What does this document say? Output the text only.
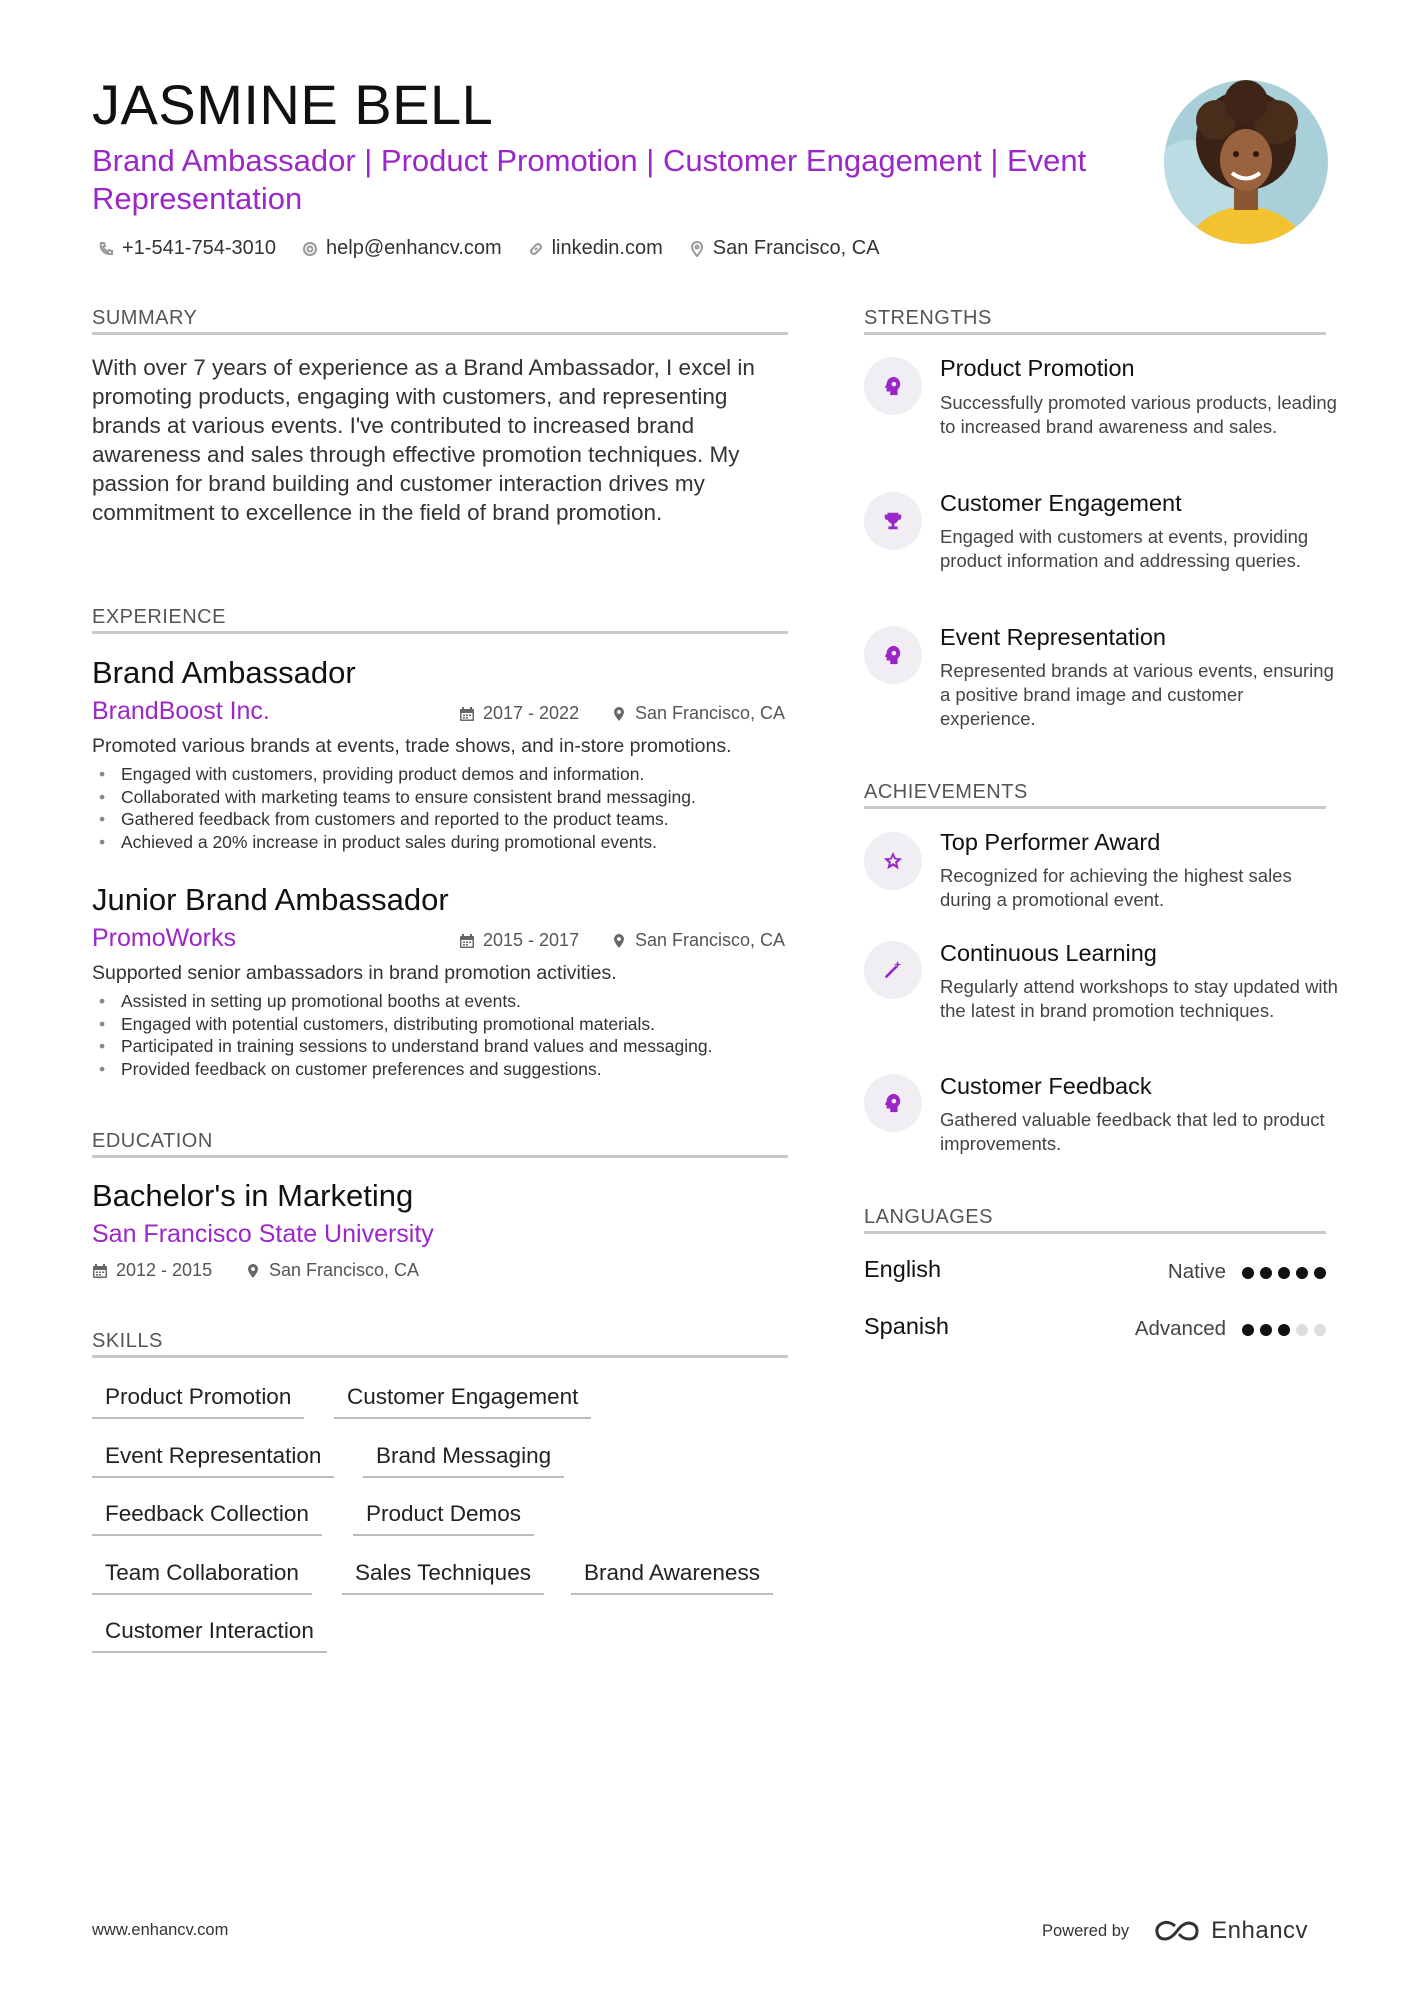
JASMINE BELL
Brand Ambassador | Product Promotion | Customer Engagement | Event Representation
+1-541-754-3010	help@enhancv.com	linkedin.com	San Francisco, CA
SUMMARY
With over 7 years of experience as a Brand Ambassador, I excel in promoting products, engaging with customers, and representing brands at various events. I've contributed to increased brand awareness and sales through effective promotion techniques. My passion for brand building and customer interaction drives my commitment to excellence in the field of brand promotion.
EXPERIENCE
Brand Ambassador
BrandBoost Inc.	2017 - 2022	San Francisco, CA
Promoted various brands at events, trade shows, and in-store promotions.
• Engaged with customers, providing product demos and information.
• Collaborated with marketing teams to ensure consistent brand messaging.
• Gathered feedback from customers and reported to the product teams.
• Achieved a 20% increase in product sales during promotional events.
Junior Brand Ambassador
PromoWorks	2015 - 2017	San Francisco, CA
Supported senior ambassadors in brand promotion activities.
• Assisted in setting up promotional booths at events.
• Engaged with potential customers, distributing promotional materials.
• Participated in training sessions to understand brand values and messaging.
• Provided feedback on customer preferences and suggestions.
EDUCATION
Bachelor's in Marketing
San Francisco State University
2012 - 2015	San Francisco, CA
SKILLS
Product Promotion	Customer Engagement
Event Representation	Brand Messaging
Feedback Collection	Product Demos
Team Collaboration	Sales Techniques	Brand Awareness
Customer Interaction
STRENGTHS
Product Promotion
Successfully promoted various products, leading to increased brand awareness and sales.
Customer Engagement
Engaged with customers at events, providing product information and addressing queries.
Event Representation
Represented brands at various events, ensuring a positive brand image and customer experience.
ACHIEVEMENTS
Top Performer Award
Recognized for achieving the highest sales during a promotional event.
Continuous Learning
Regularly attend workshops to stay updated with the latest in brand promotion techniques.
Customer Feedback
Gathered valuable feedback that led to product improvements.
LANGUAGES
English	Native
Spanish	Advanced
www.enhancv.com	Powered by	Enhancv
